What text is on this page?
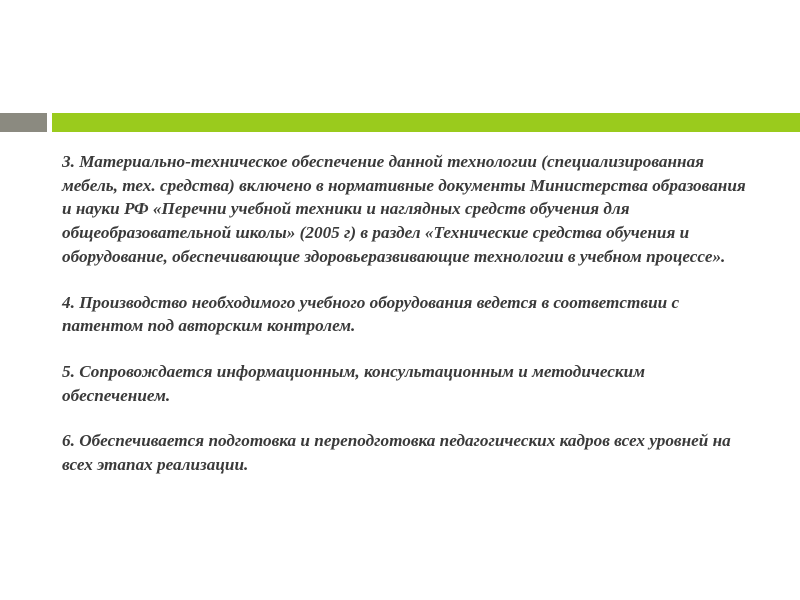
3. Материально-техническое обеспечение данной технологии (специализированная мебель, тех. средства) включено в нормативные документы Министерства образования и науки РФ «Перечни учебной техники и наглядных средств обучения для общеобразовательной школы» (2005 г) в раздел «Технические средства обучения и оборудование, обеспечивающие здоровьеразвивающие технологии в учебном процессе».

4. Производство необходимого учебного оборудования ведется в соответствии с патентом под авторским контролем.

5. Сопровождается информационным, консультационным и методическим обеспечением.

6. Обеспечивается подготовка и переподготовка педагогических кадров всех уровней на всех этапах реализации.
